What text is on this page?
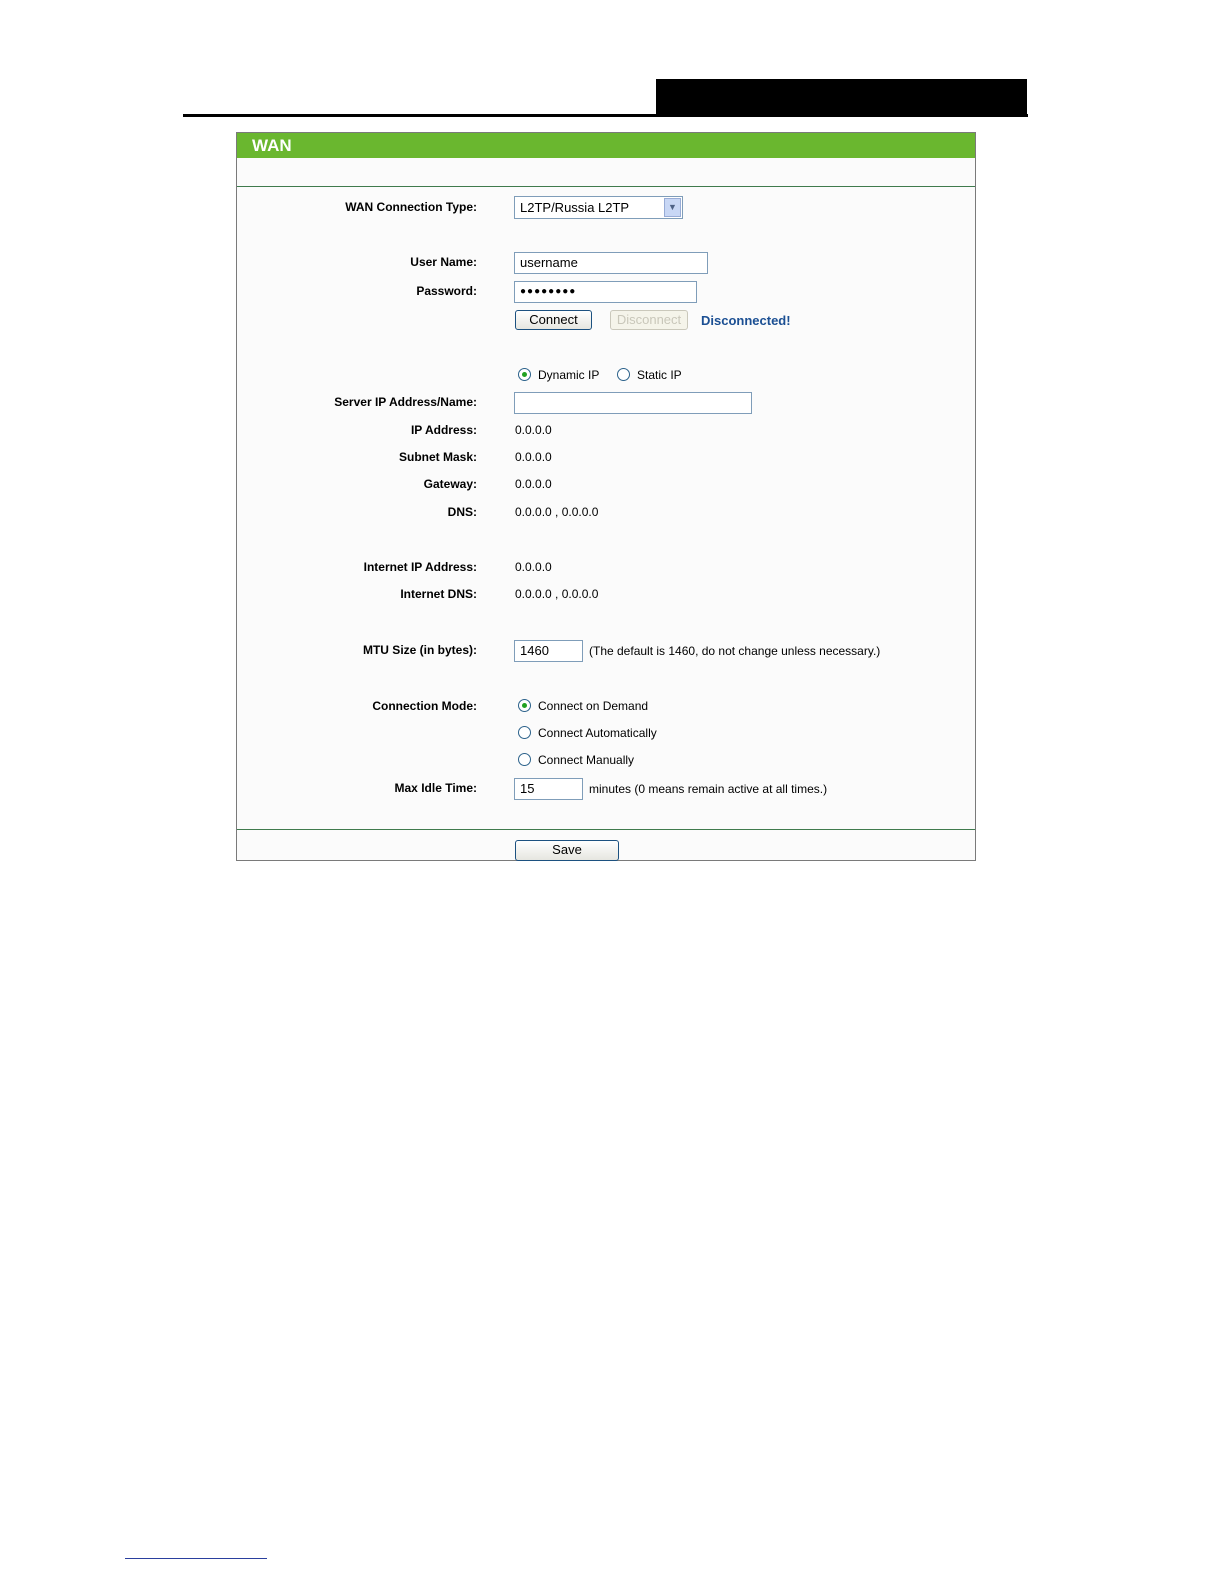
WAN
WAN Connection Type:	L2TP/Russia L2TP	▼
User Name:	username
Password:	●●●●●●●●
Connect	Disconnect	Disconnected!
Dynamic IP	Static IP
Server IP Address/Name:
IP Address:	0.0.0.0
Subnet Mask:	0.0.0.0
Gateway:	0.0.0.0
DNS:	0.0.0.0 , 0.0.0.0
Internet IP Address:	0.0.0.0
Internet DNS:	0.0.0.0 , 0.0.0.0
MTU Size (in bytes):	1460	(The default is 1460, do not change unless necessary.)
Connection Mode:	Connect on Demand
Connect Automatically
Connect Manually
Max Idle Time:	15	minutes (0 means remain active at all times.)
Save
